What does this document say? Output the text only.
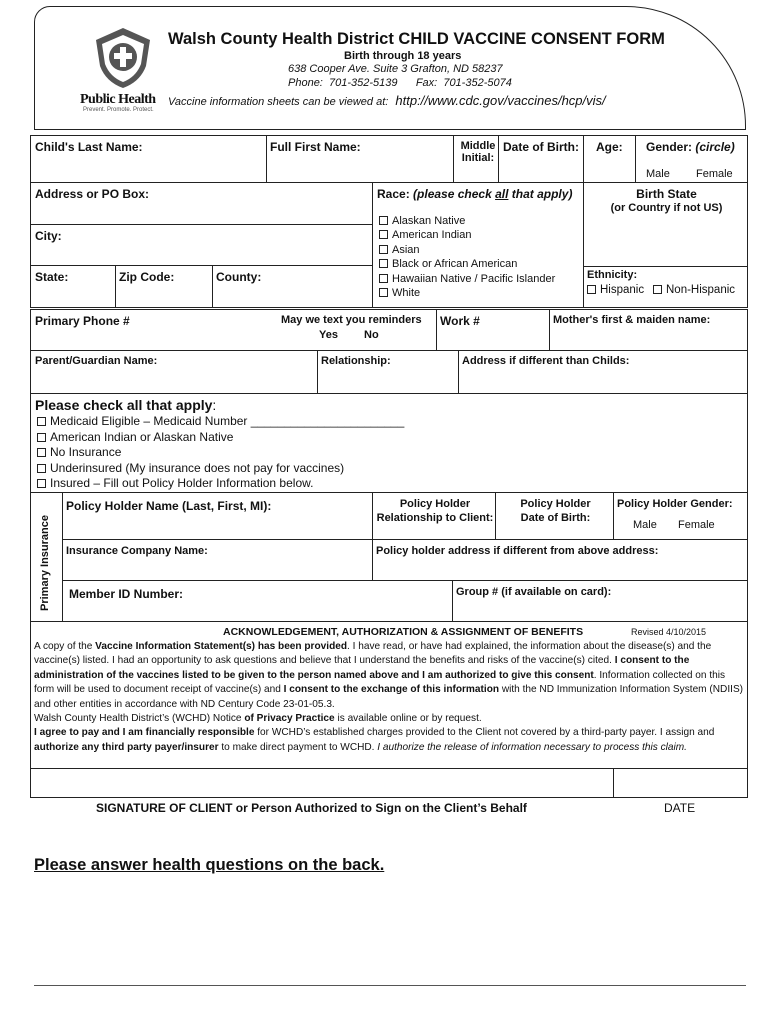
Public Health
Prevent. Promote. Protect.
Walsh County Health District CHILD VACCINE CONSENT FORM
Birth through 18 years
638 Cooper Ave. Suite 3 Grafton, ND 58237
Phone:  701-352-5139      Fax:  701-352-5074
Vaccine information sheets can be viewed at: http://www.cdc.gov/vaccines/hcp/vis/
Child's Last Name:	Full First Name:	Middle Initial:
Date of Birth: Age: Gender: (circle)
Male Female
Address or PO Box:
City:
State:	Zip Code:	County:
Race: (please check all that apply)
Alaskan Native
American Indian
Asian
Black or African American
Hawaiian Native / Pacific Islander
White
Birth State
(or Country if not US)
Ethnicity:
Hispanic	Non-Hispanic
Primary Phone #	May we text you reminders
Yes No
Work #	Mother's first & maiden name:
Parent/Guardian Name:	Relationship:	Address if different than Childs:
Please check all that apply:
Medicaid Eligible – Medicaid Number _______________________
American Indian or Alaskan Native
No Insurance
Underinsured (My insurance does not pay for vaccines)
Insured – Fill out Policy Holder Information below.
Primary Insurance
Policy Holder Name (Last, First, MI):	Policy Holder
Relationship to Client:
Policy Holder
Date of Birth:
Policy Holder Gender:
Male Female
Insurance Company Name:	Policy holder address if different from above address:
Member ID Number:	Group # (if available on card):
ACKNOWLEDGEMENT, AUTHORIZATION & ASSIGNMENT OF BENEFITS	Revised 4/10/2015

A copy of the Vaccine Information Statement(s) has been provided. I have read, or have had explained, the information about the disease(s) and the vaccine(s) listed. I had an opportunity to ask questions and believe that I understand the benefits and risks of the vaccine(s) cited. I consent to the administration of the vaccines listed to be given to the person named above and I am authorized to give this consent. Information collected on this form will be used to document receipt of vaccine(s) and I consent to the exchange of this information with the ND Immunization Information System (NDIIS) and other entities in accordance with ND Century Code 23-01-05.3.

Walsh County Health District’s (WCHD) Notice of Privacy Practice is available online or by request.

I agree to pay and I am financially responsible for WCHD’s established charges provided to the Client not covered by a third-party payer. I assign and authorize any third party payer/insurer to make direct payment to WCHD. I authorize the release of information necessary to process this claim.

SIGNATURE OF CLIENT or Person Authorized to Sign on the Client’s Behalf	DATE
Please answer health questions on the back.
